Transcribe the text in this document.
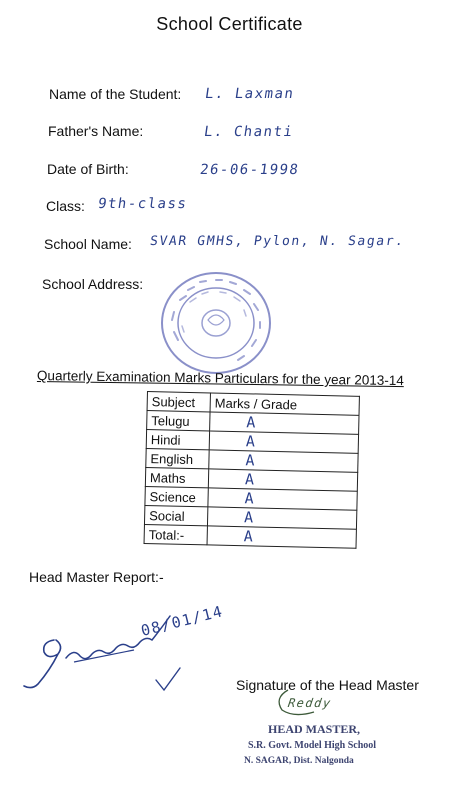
School Certificate
Name of the Student: L. Laxman
Father's Name:	L. Chanti
Date of Birth:	26-06-1998
Class: 9th-class
School Name: SVAR GMHS, Pylon, N. Sagar.
School Address:
Quarterly Examination Marks Particulars for the year 2013-14
Subject	Marks / Grade
Telugu	A
Hindi	A
English	A
Maths	A
Science	A
Social	A
Total:-	A
Head Master Report:-
08/01/14
Signature of the Head Master
Reddy
HEAD MASTER,
S.R. Govt. Model High School
N. SAGAR, Dist. Nalgonda
